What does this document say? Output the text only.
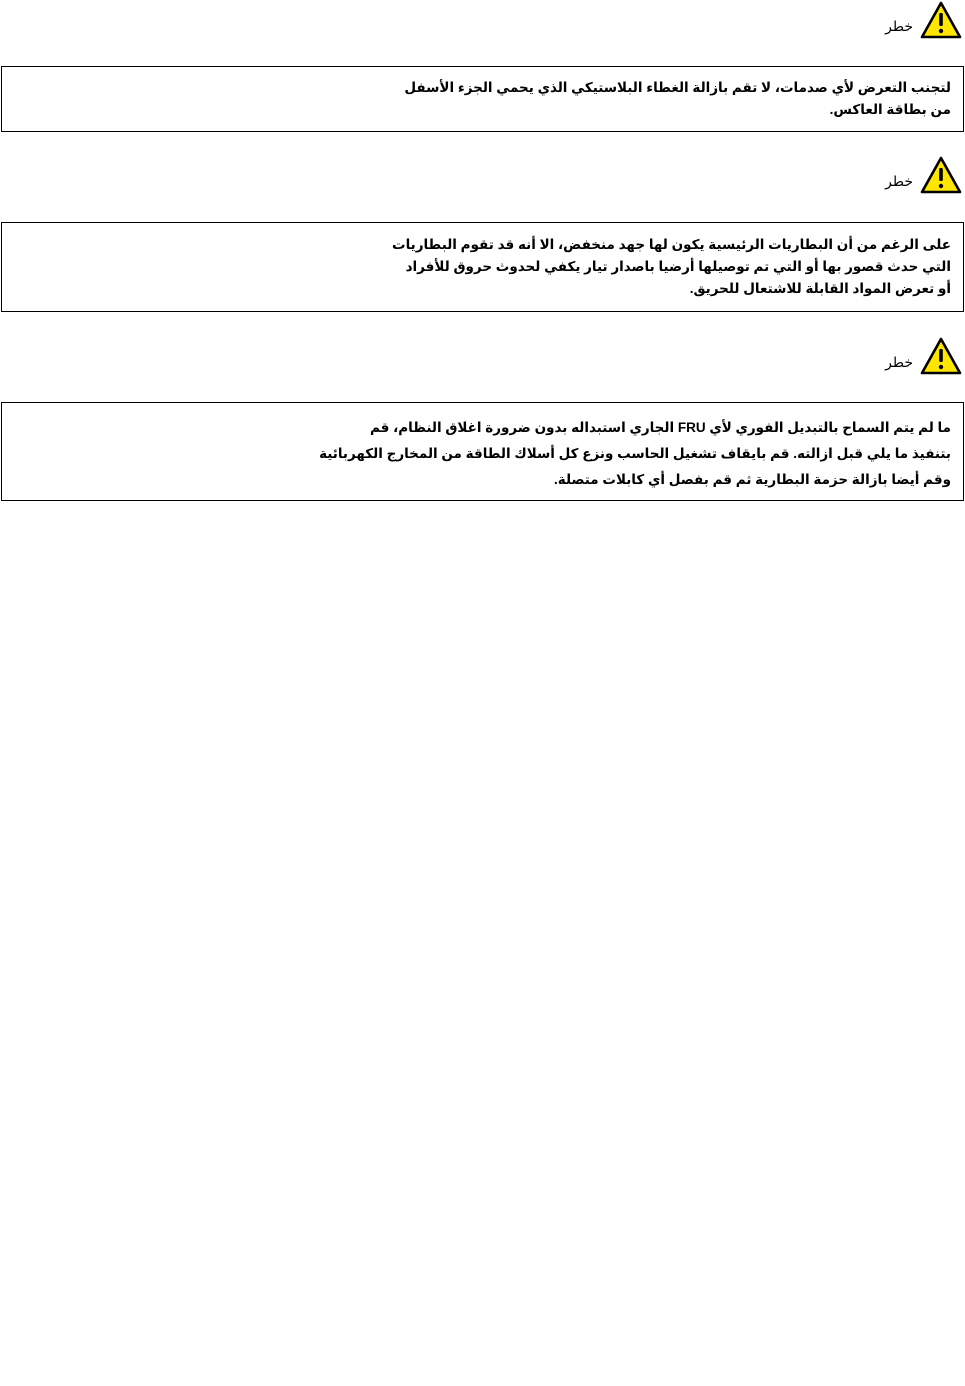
خطر
لتجنب التعرض لأي صدمات، لا تقم بازالة الغطاء البلاستيكي الذي يحمي الجزء الأسفل
من بطاقة العاكس.
خطر
على الرغم من أن البطاريات الرئيسية يكون لها جهد منخفض، الا أنه قد تقوم البطاريات
التي حدث قصور بها أو التي تم توصيلها أرضيا باصدار تيار يكفي لحدوث حروق للأفراد
أو تعرض المواد القابلة للاشتعال للحريق.
خطر
ما لم يتم السماح بالتبديل الفوري لأي FRU الجاري استبداله بدون ضرورة اغلاق النظام، قم
بتنفيذ ما يلي قبل ازالته. قم بايقاف تشغيل الحاسب ونزع كل أسلاك الطاقة من المخارج الكهربائية
وقم أيضا بازالة حزمة البطارية ثم قم بفصل أي كابلات متصلة.
